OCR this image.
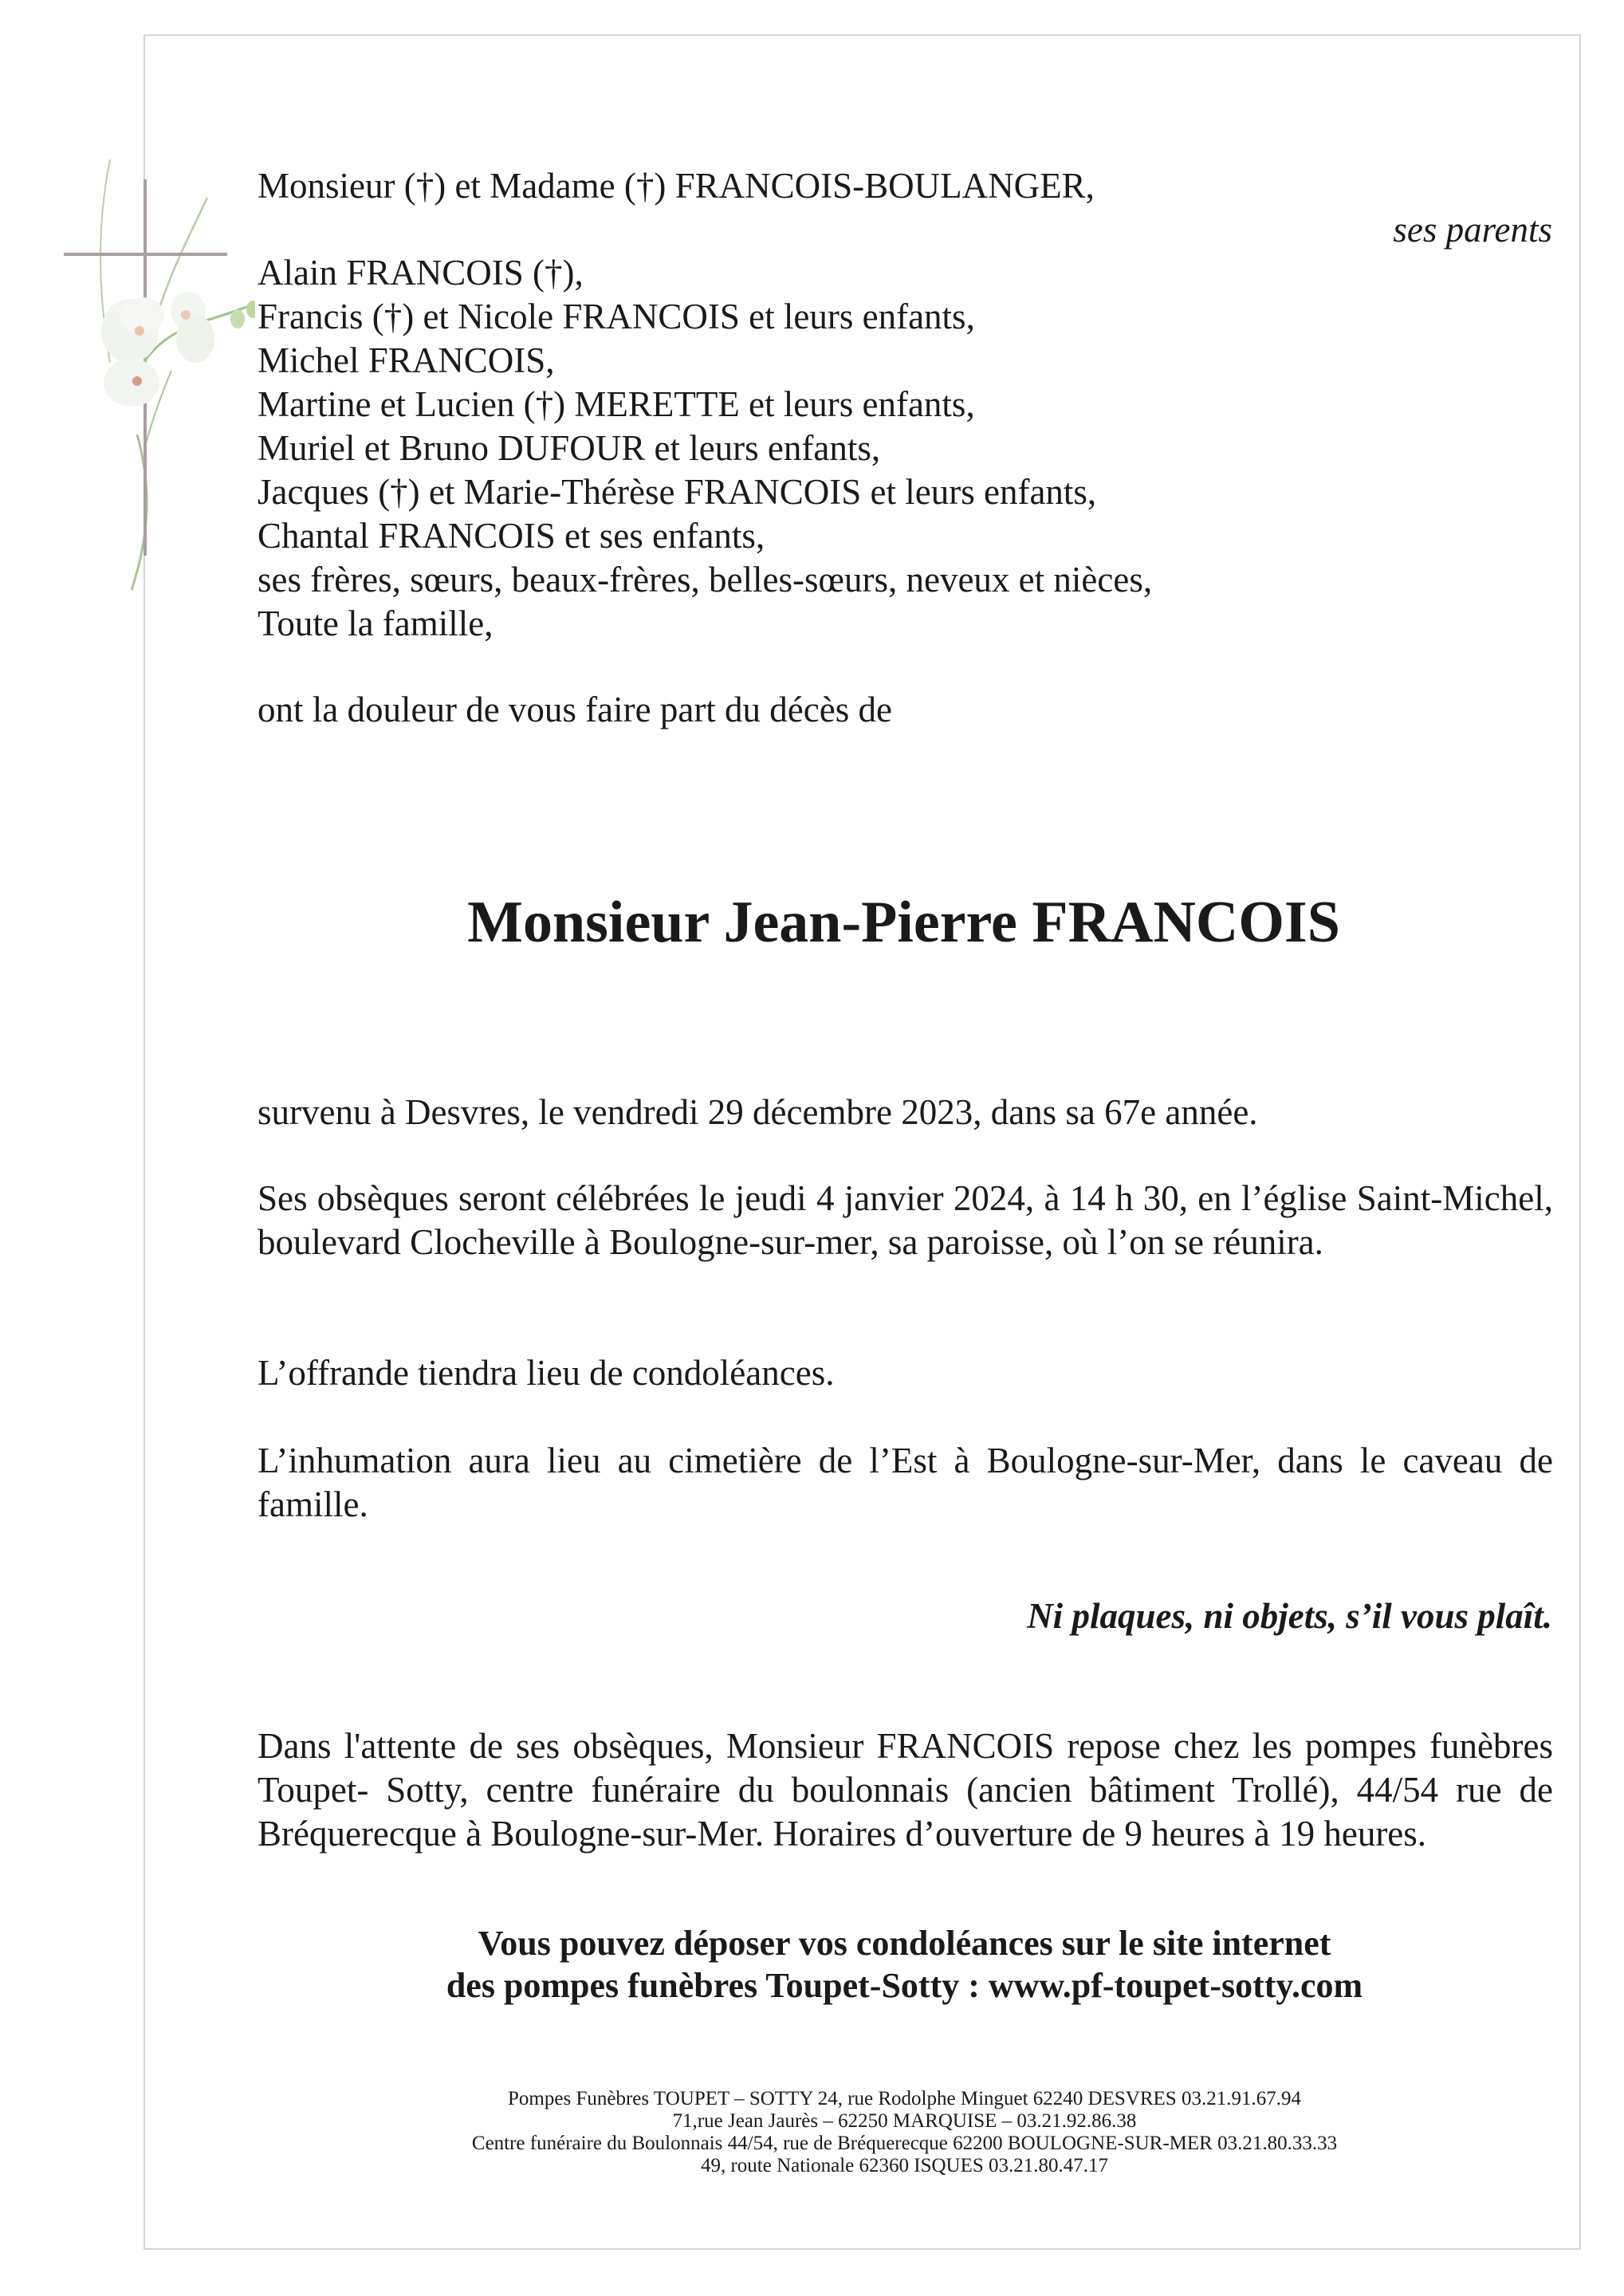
Monsieur (†) et Madame (†) FRANCOIS-BOULANGER,
ses parents
Alain FRANCOIS (†),
Francis (†) et Nicole FRANCOIS et leurs enfants,
Michel FRANCOIS,
Martine et Lucien (†) MERETTE et leurs enfants,
Muriel et Bruno DUFOUR et leurs enfants,
Jacques (†) et Marie-Thérèse FRANCOIS et leurs enfants,
Chantal FRANCOIS et ses enfants,
ses frères, sœurs, beaux-frères, belles-sœurs, neveux et nièces,
Toute la famille,
ont la douleur de vous faire part du décès de
Monsieur Jean-Pierre FRANCOIS
survenu à Desvres, le vendredi 29 décembre 2023, dans sa 67e année.
Ses obsèques seront célébrées le jeudi 4 janvier 2024, à 14 h 30, en l’église Saint-Michel, boulevard Clocheville à Boulogne-sur-mer, sa paroisse, où l’on se réunira.
L’offrande tiendra lieu de condoléances.
L’inhumation aura lieu au cimetière de l’Est à Boulogne-sur-Mer, dans le caveau de famille.
Ni plaques, ni objets, s’il vous plaît.
Dans l'attente de ses obsèques, Monsieur FRANCOIS repose chez les pompes funèbres Toupet- Sotty, centre funéraire du boulonnais (ancien bâtiment Trollé), 44/54 rue de Bréquerecque à Boulogne-sur-Mer. Horaires d’ouverture de 9 heures à 19 heures.
Vous pouvez déposer vos condoléances sur le site internet
des pompes funèbres Toupet-Sotty : www.pf-toupet-sotty.com
Pompes Funèbres TOUPET – SOTTY 24, rue Rodolphe Minguet 62240 DESVRES 03.21.91.67.94
71,rue Jean Jaurès – 62250 MARQUISE – 03.21.92.86.38
Centre funéraire du Boulonnais 44/54, rue de Bréquerecque 62200 BOULOGNE-SUR-MER 03.21.80.33.33
49, route Nationale 62360 ISQUES 03.21.80.47.17
